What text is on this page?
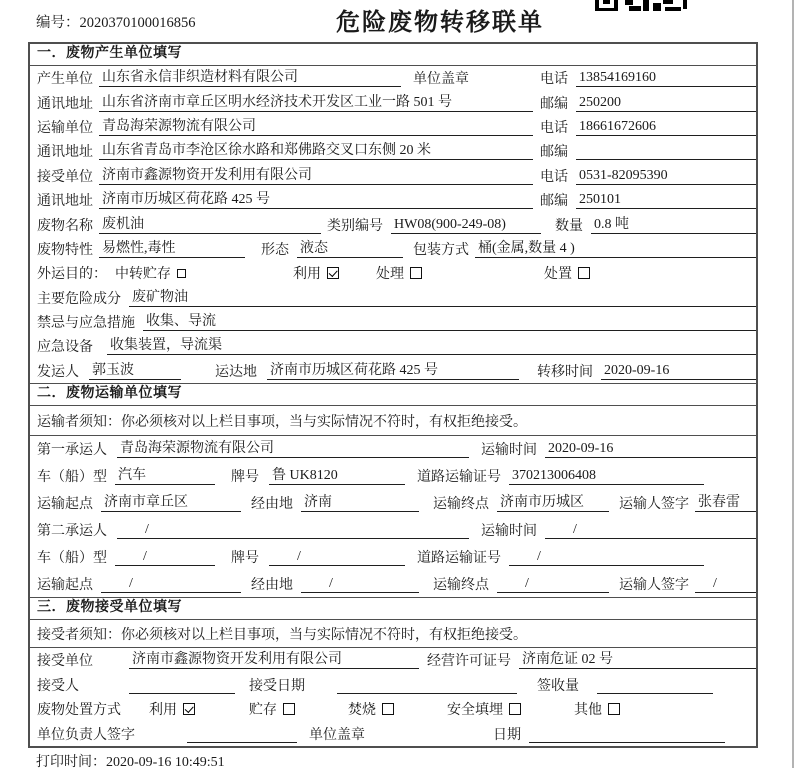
编号：2020370100016856	危险废物转移联单
一．废物产生单位填写
产生单位 山东省永信非织造材料有限公司	单位盖章	电话 13854169160
通讯地址 山东省济南市章丘区明水经济技术开发区工业一路 501 号	邮编 250200
运输单位 青岛海荣源物流有限公司	电话 18661672606
通讯地址 山东省青岛市李沧区徐水路和郑佛路交叉口东侧 20 米	邮编
接受单位 济南市鑫源物资开发利用有限公司	电话 0531-82095390
通讯地址 济南市历城区荷花路 425 号	邮编 250101
废物名称 废机油	类别编号 HW08(900-249-08)	数量 0.8 吨
废物特性 易燃性,毒性	形态 液态	包装方式 桶(金属,数量 4 )
外运目的： 中转贮存	利用	处理	处置
主要危险成分 废矿物油
禁忌与应急措施 收集、导流
应急设备 收集装置，导流渠
发运人 郭玉波	运达地 济南市历城区荷花路 425 号	转移时间 2020-09-16
二．废物运输单位填写
运输者须知：你必须核对以上栏目事项，当与实际情况不符时，有权拒绝接受。
第一承运人 青岛海荣源物流有限公司	运输时间 2020-09-16
车（船）型 汽车	牌号 鲁 UK8120	道路运输证号 370213006408
运输起点 济南市章丘区	经由地 济南	运输终点 济南市历城区	运输人签字 张春雷
第二承运人	/	运输时间	/
车（船）型	/	牌号	/	道路运输证号	/
运输起点	/	经由地	/	运输终点	/	运输人签字	/
三．废物接受单位填写
接受者须知：你必须核对以上栏目事项，当与实际情况不符时，有权拒绝接受。
接受单位	济南市鑫源物资开发利用有限公司	经营许可证号 济南危证 02 号
接受人	接受日期	签收量
废物处置方式 利用	贮存	焚烧	安全填埋	其他
单位负责人签字	单位盖章	日期
打印时间：2020-09-16 10:49:51
